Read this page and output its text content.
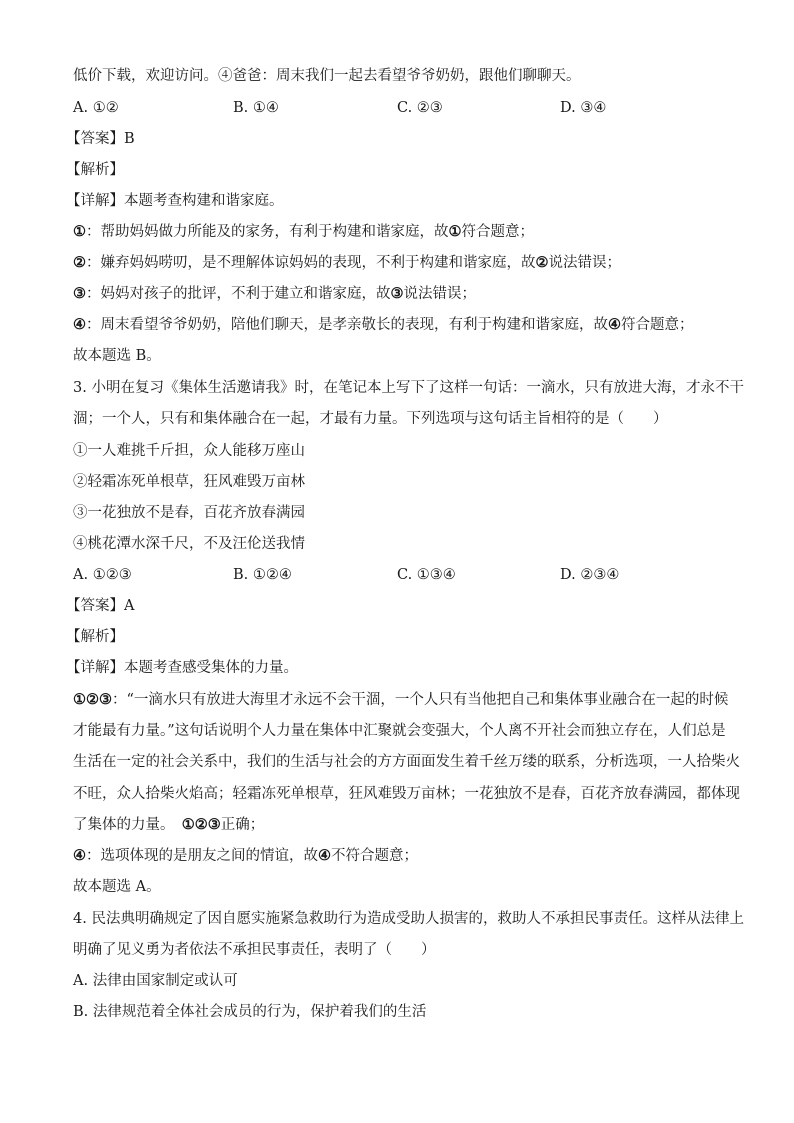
低价下载，欢迎访问。④爸爸：周末我们一起去看望爷爷奶奶，跟他们聊聊天。
A. ①②	B. ①④	C. ②③	D. ③④
【答案】B
【解析】
【详解】本题考查构建和谐家庭。
①：帮助妈妈做力所能及的家务，有利于构建和谐家庭，故①符合题意；
②：嫌弃妈妈唠叨，是不理解体谅妈妈的表现，不利于构建和谐家庭，故②说法错误；
③：妈妈对孩子的批评，不利于建立和谐家庭，故③说法错误；
④：周末看望爷爷奶奶，陪他们聊天，是孝亲敬长的表现，有利于构建和谐家庭，故④符合题意；
故本题选 B。
3. 小明在复习《集体生活邀请我》时，在笔记本上写下了这样一句话：一滴水，只有放进大海，才永不干
涸；一个人，只有和集体融合在一起，才最有力量。下列选项与这句话主旨相符的是（　　）
①一人难挑千斤担，众人能移万座山
②轻霜冻死单根草，狂风难毁万亩林
③一花独放不是春，百花齐放春满园
④桃花潭水深千尺，不及汪伦送我情
A. ①②③	B. ①②④	C. ①③④	D. ②③④
【答案】A
【解析】
【详解】本题考查感受集体的力量。
①②③：“一滴水只有放进大海里才永远不会干涸，一个人只有当他把自己和集体事业融合在一起的时候
才能最有力量。”这句话说明个人力量在集体中汇聚就会变强大，个人离不开社会而独立存在，人们总是
生活在一定的社会关系中，我们的生活与社会的方方面面发生着千丝万缕的联系，分析选项，一人拾柴火
不旺，众人拾柴火焰高；轻霜冻死单根草，狂风难毁万亩林；一花独放不是春，百花齐放春满园，都体现
了集体的力量。　 ①②③正确；
④：选项体现的是朋友之间的情谊，故④不符合题意；
故本题选 A。
4. 民法典明确规定了因自愿实施紧急救助行为造成受助人损害的，救助人不承担民事责任。这样从法律上
明确了见义勇为者依法不承担民事责任，表明了（　　）
A. 法律由国家制定或认可
B. 法律规范着全体社会成员的行为，保护着我们的生活
